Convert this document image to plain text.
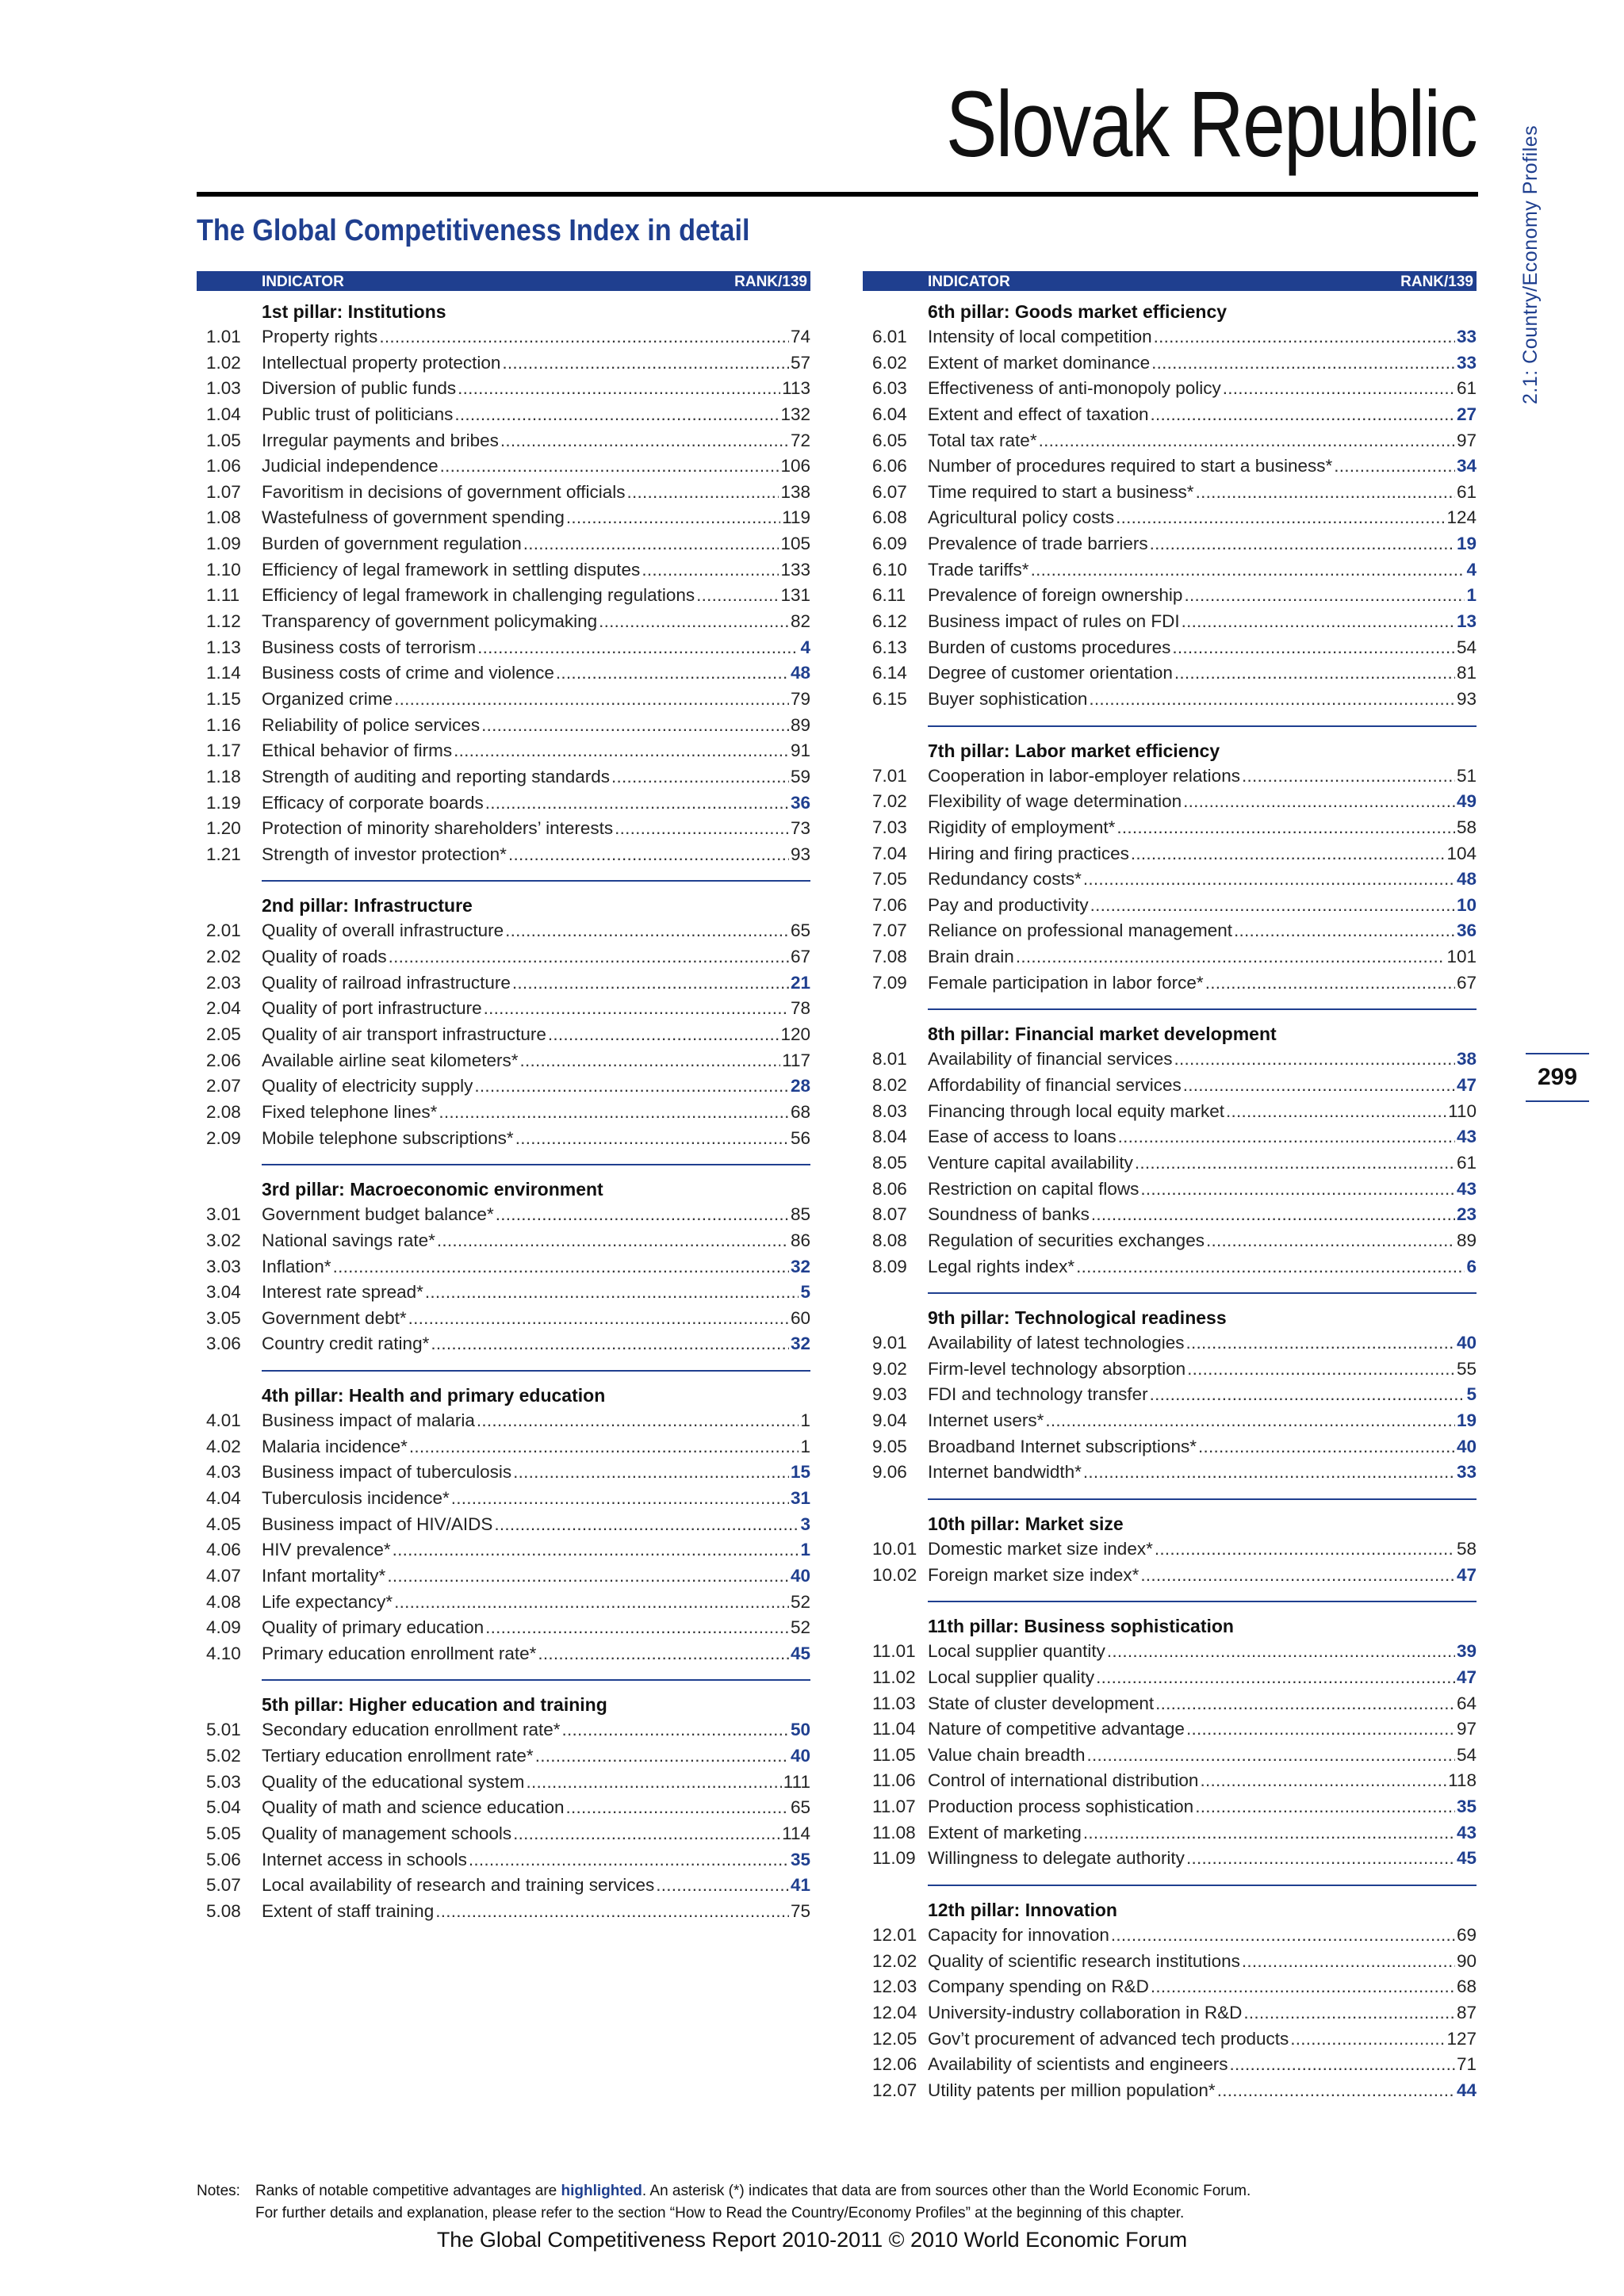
Slovak Republic
The Global Competitiveness Index in detail	2.1: Country/Economy Profiles
299
INDICATOR	RANK/139
1st pillar: Institutions
1.01	Property rights . . .	74
1.02	Intellectual property protection . . .	57
1.03	Diversion of public funds . . .	113
1.04	Public trust of politicians . . .	132
1.05	Irregular payments and bribes . . .	72
1.06	Judicial independence . . .	106
1.07	Favoritism in decisions of government officials . . .	138
1.08	Wastefulness of government spending . . .	119
1.09	Burden of government regulation . . .	105
1.10	Efficiency of legal framework in settling disputes . . .	133
1.11	Efficiency of legal framework in challenging regulations . . .	131
1.12	Transparency of government policymaking . . .	82
1.13	Business costs of terrorism . . .	4
1.14	Business costs of crime and violence . . .	48
1.15	Organized crime . . .	79
1.16	Reliability of police services . . .	89
1.17	Ethical behavior of firms . . .	91
1.18	Strength of auditing and reporting standards . . .	59
1.19	Efficacy of corporate boards . . .	36
1.20	Protection of minority shareholders’ interests . . .	73
1.21	Strength of investor protection* . . .	93
2nd pillar: Infrastructure
2.01	Quality of overall infrastructure . . .	65
2.02	Quality of roads . . .	67
2.03	Quality of railroad infrastructure . . .	21
2.04	Quality of port infrastructure . . .	78
2.05	Quality of air transport infrastructure . . .	120
2.06	Available airline seat kilometers* . . .	117
2.07	Quality of electricity supply . . .	28
2.08	Fixed telephone lines* . . .	68
2.09	Mobile telephone subscriptions* . . .	56
3rd pillar: Macroeconomic environment
3.01	Government budget balance* . . .	85
3.02	National savings rate* . . .	86
3.03	Inflation* . . .	32
3.04	Interest rate spread* . . .	5
3.05	Government debt* . . .	60
3.06	Country credit rating* . . .	32
4th pillar: Health and primary education
4.01	Business impact of malaria . . .	1
4.02	Malaria incidence* . . .	1
4.03	Business impact of tuberculosis . . .	15
4.04	Tuberculosis incidence* . . .	31
4.05	Business impact of HIV/AIDS . . .	3
4.06	HIV prevalence* . . .	1
4.07	Infant mortality* . . .	40
4.08	Life expectancy* . . .	52
4.09	Quality of primary education . . .	52
4.10	Primary education enrollment rate* . . .	45
5th pillar: Higher education and training
5.01	Secondary education enrollment rate* . . .	50
5.02	Tertiary education enrollment rate* . . .	40
5.03	Quality of the educational system . . .	111
5.04	Quality of math and science education . . .	65
5.05	Quality of management schools . . .	114
5.06	Internet access in schools . . .	35
5.07	Local availability of research and training services . . .	41
5.08	Extent of staff training . . .	75
INDICATOR	RANK/139
6th pillar: Goods market efficiency
6.01	Intensity of local competition . . .	33
6.02	Extent of market dominance . . .	33
6.03	Effectiveness of anti-monopoly policy . . .	61
6.04	Extent and effect of taxation . . .	27
6.05	Total tax rate* . . .	97
6.06	Number of procedures required to start a business* . . .	34
6.07	Time required to start a business* . . .	61
6.08	Agricultural policy costs . . .	124
6.09	Prevalence of trade barriers . . .	19
6.10	Trade tariffs* . . .	4
6.11	Prevalence of foreign ownership . . .	1
6.12	Business impact of rules on FDI . . .	13
6.13	Burden of customs procedures . . .	54
6.14	Degree of customer orientation . . .	81
6.15	Buyer sophistication . . .	93
7th pillar: Labor market efficiency
7.01	Cooperation in labor-employer relations . . .	51
7.02	Flexibility of wage determination . . .	49
7.03	Rigidity of employment* . . .	58
7.04	Hiring and firing practices . . .	104
7.05	Redundancy costs* . . .	48
7.06	Pay and productivity . . .	10
7.07	Reliance on professional management . . .	36
7.08	Brain drain . . .	101
7.09	Female participation in labor force* . . .	67
8th pillar: Financial market development
8.01	Availability of financial services . . .	38
8.02	Affordability of financial services . . .	47
8.03	Financing through local equity market . . .	110
8.04	Ease of access to loans . . .	43
8.05	Venture capital availability . . .	61
8.06	Restriction on capital flows . . .	43
8.07	Soundness of banks . . .	23
8.08	Regulation of securities exchanges . . .	89
8.09	Legal rights index* . . .	6
9th pillar: Technological readiness
9.01	Availability of latest technologies . . .	40
9.02	Firm-level technology absorption . . .	55
9.03	FDI and technology transfer . . .	5
9.04	Internet users* . . .	19
9.05	Broadband Internet subscriptions* . . .	40
9.06	Internet bandwidth* . . .	33
10th pillar: Market size
10.01 Domestic market size index* . . .	58
10.02 Foreign market size index* . . .	47
11th pillar: Business sophistication
11.01 Local supplier quantity . . .	39
11.02 Local supplier quality . . .	47
11.03 State of cluster development . . .	64
11.04 Nature of competitive advantage . . .	97
11.05 Value chain breadth . . .	54
11.06 Control of international distribution . . .	118
11.07 Production process sophistication . . .	35
11.08 Extent of marketing . . .	43
11.09 Willingness to delegate authority . . .	45
12th pillar: Innovation
12.01 Capacity for innovation . . .	69
12.02 Quality of scientific research institutions . . .	90
12.03 Company spending on R&D . . .	68
12.04 University-industry collaboration in R&D . . .	87
12.05 Gov’t procurement of advanced tech products . . .	127
12.06 Availability of scientists and engineers . . .	71
12.07 Utility patents per million population* . . .	44
Notes: Ranks of notable competitive advantages are highlighted. An asterisk (*) indicates that data are from sources other than the World Economic Forum.
For further details and explanation, please refer to the section “How to Read the Country/Economy Profiles” at the beginning of this chapter.
The Global Competitiveness Report 2010-2011 © 2010 World Economic Forum
